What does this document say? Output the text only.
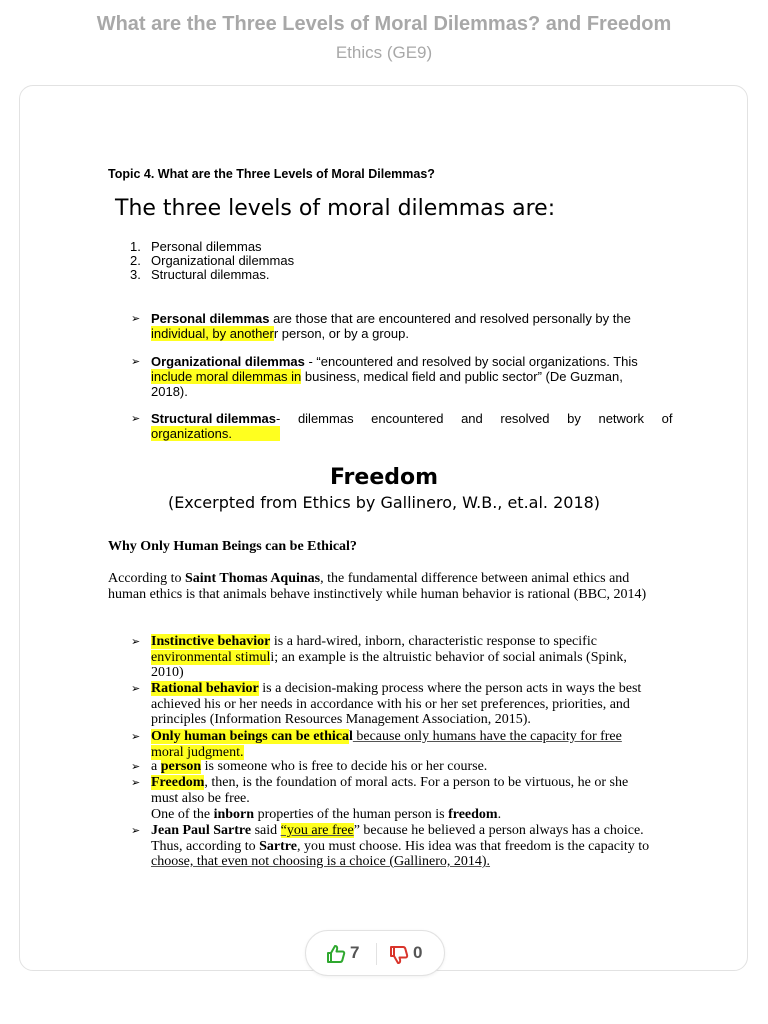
What are the Three Levels of Moral Dilemmas? and Freedom
Ethics (GE9)
Topic 4. What are the Three Levels of Moral Dilemmas?
The three levels of moral dilemmas are:
1. Personal dilemmas
2. Organizational dilemmas
3. Structural dilemmas.
➢ Personal dilemmas are those that are encountered and resolved personally by the
individual, by anotherr person, or by a group.
➢ Organizational dilemmas - “encountered and resolved by social organizations. This
include moral dilemmas in business, medical field and public sector” (De Guzman,
2018).
➢ Structural dilemmas - dilemmas encountered and resolved by network of
organizations.
Freedom
(Excerpted from Ethics by Gallinero, W.B., et.al. 2018)
Why Only Human Beings can be Ethical?
According to Saint Thomas Aquinas, the fundamental difference between animal ethics and
human ethics is that animals behave instinctively while human behavior is rational (BBC, 2014)
➢ Instinctive behavior is a hard-wired, inborn, characteristic response to specific
environmental stimuli; an example is the altruistic behavior of social animals (Spink,
2010)
➢ Rational behavior is a decision-making process where the person acts in ways the best
achieved his or her needs in accordance with his or her set preferences, priorities, and
principles (Information Resources Management Association, 2015).
➢ Only human beings can be ethical because only humans have the capacity for free
moral judgment.
➢ a person is someone who is free to decide his or her course.
➢ Freedom, then, is the foundation of moral acts. For a person to be virtuous, he or she
must also be free.
One of the inborn properties of the human person is freedom.
➢ Jean Paul Sartre said “you are free” because he believed a person always has a choice.
Thus, according to Sartre, you must choose. His idea was that freedom is the capacity to
choose, that even not choosing is a choice (Gallinero, 2014).
7	0
